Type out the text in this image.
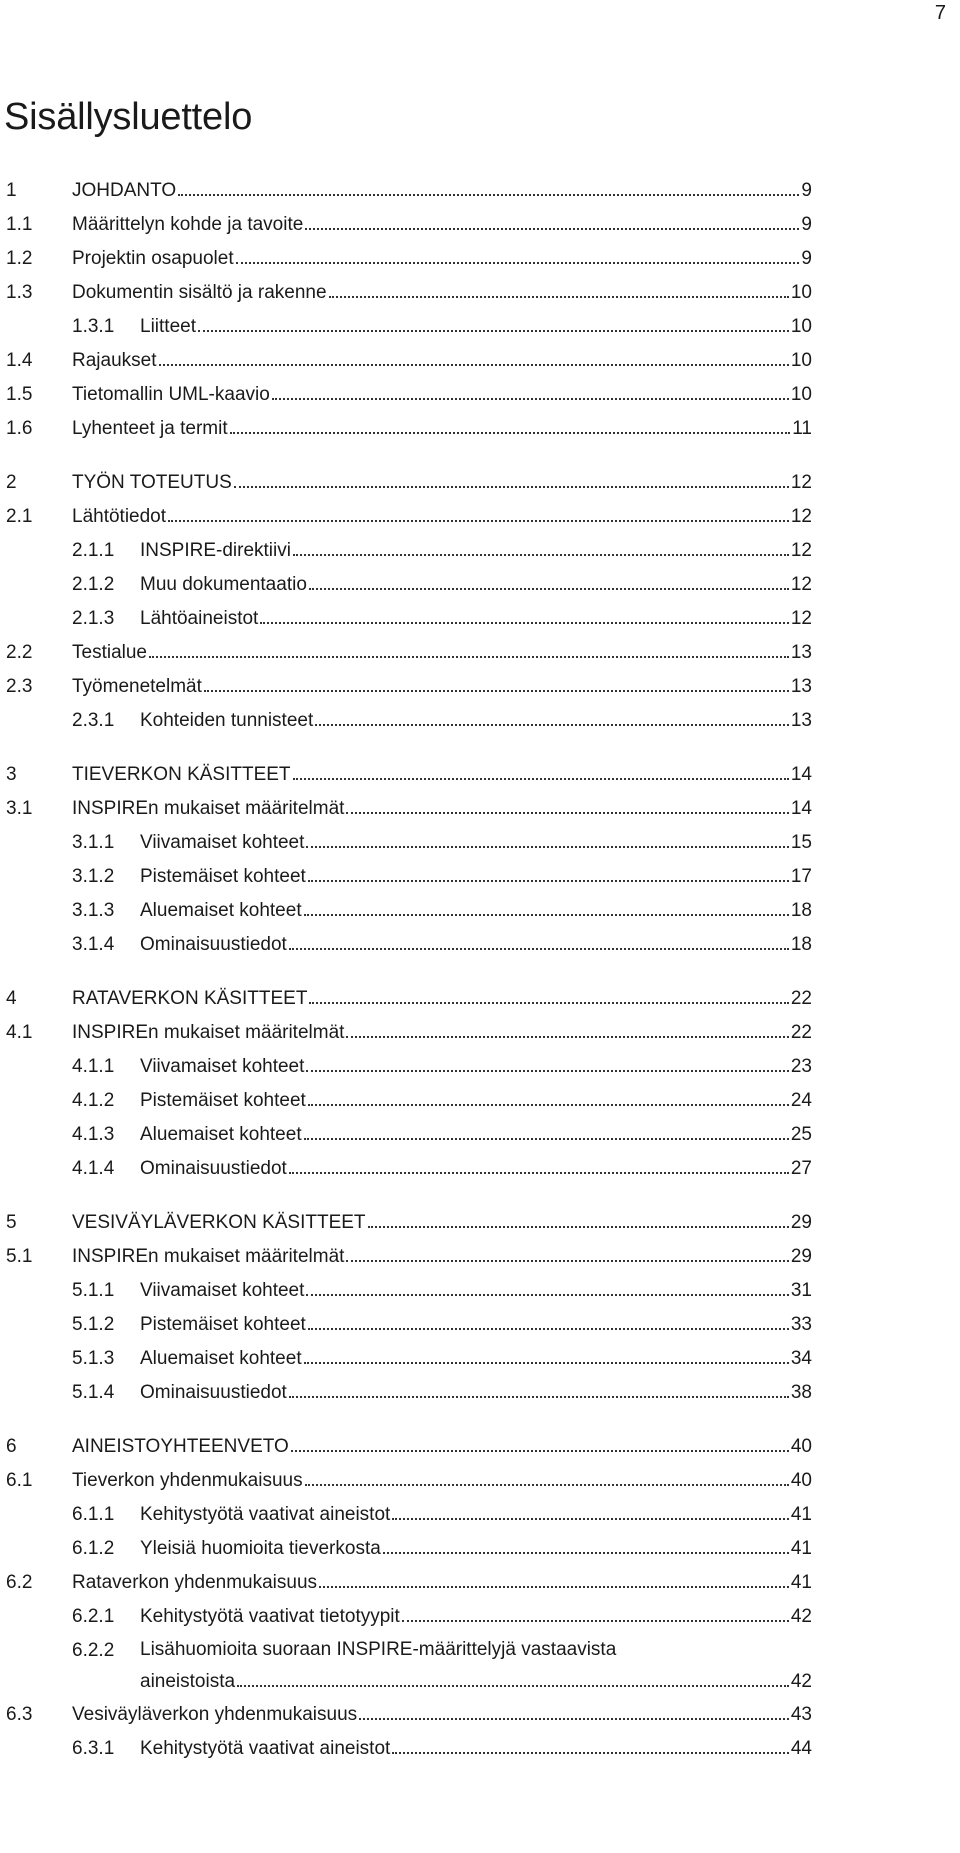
7
Sisällysluettelo
1	JOHDANTO	9
1.1 Määrittelyn kohde ja tavoite	9
1.2 Projektin osapuolet	9
1.3 Dokumentin sisältö ja rakenne	10
1.3.1 Liitteet	10
1.4 Rajaukset	10
1.5 Tietomallin UML-kaavio	10
1.6 Lyhenteet ja termit	11
2	TYÖN TOTEUTUS	12
2.1 Lähtötiedot	12
2.1.1 INSPIRE-direktiivi	12
2.1.2 Muu dokumentaatio	12
2.1.3 Lähtöaineistot	12
2.2 Testialue	13
2.3 Työmenetelmät	13
2.3.1 Kohteiden tunnisteet	13
3	TIEVERKON KÄSITTEET	14
3.1 INSPIREn mukaiset määritelmät	14
3.1.1 Viivamaiset kohteet	15
3.1.2 Pistemäiset kohteet	17
3.1.3 Aluemaiset kohteet	18
3.1.4 Ominaisuustiedot	18
4	RATAVERKON KÄSITTEET	22
4.1 INSPIREn mukaiset määritelmät	22
4.1.1 Viivamaiset kohteet	23
4.1.2 Pistemäiset kohteet	24
4.1.3 Aluemaiset kohteet	25
4.1.4 Ominaisuustiedot	27
5	VESIVÄYLÄVERKON KÄSITTEET	29
5.1 INSPIREn mukaiset määritelmät	29
5.1.1 Viivamaiset kohteet	31
5.1.2 Pistemäiset kohteet	33
5.1.3 Aluemaiset kohteet	34
5.1.4 Ominaisuustiedot	38
6	AINEISTOYHTEENVETO	40
6.1 Tieverkon yhdenmukaisuus	40
6.1.1 Kehitystyötä vaativat aineistot	41
6.1.2 Yleisiä huomioita tieverkosta	41
6.2 Rataverkon yhdenmukaisuus	41
6.2.1 Kehitystyötä vaativat tietotyypit	42
6.2.2 Lisähuomioita suoraan INSPIRE-määrittelyjä vastaavista
aineistoista	42
6.3 Vesiväyläverkon yhdenmukaisuus	43
6.3.1 Kehitystyötä vaativat aineistot	44
